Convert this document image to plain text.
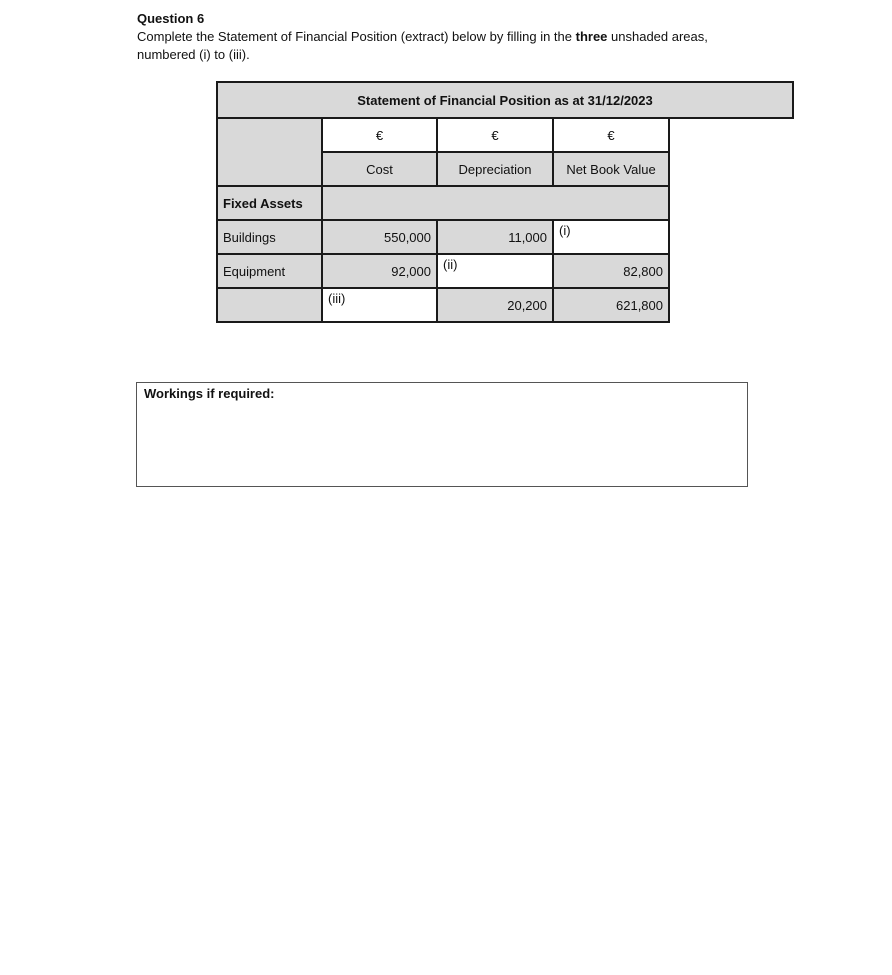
Question 6
Complete the Statement of Financial Position (extract) below by filling in the three unshaded areas, numbered (i) to (iii).
Statement of Financial Position as at 31/12/2023			
	€	€	€
	Cost	Depreciation	Net Book Value
Fixed Assets			
Buildings	550,000	11,000	(i)
Equipment	92,000	(ii)	82,800
	(iii)	20,200	621,800
Workings if required:
